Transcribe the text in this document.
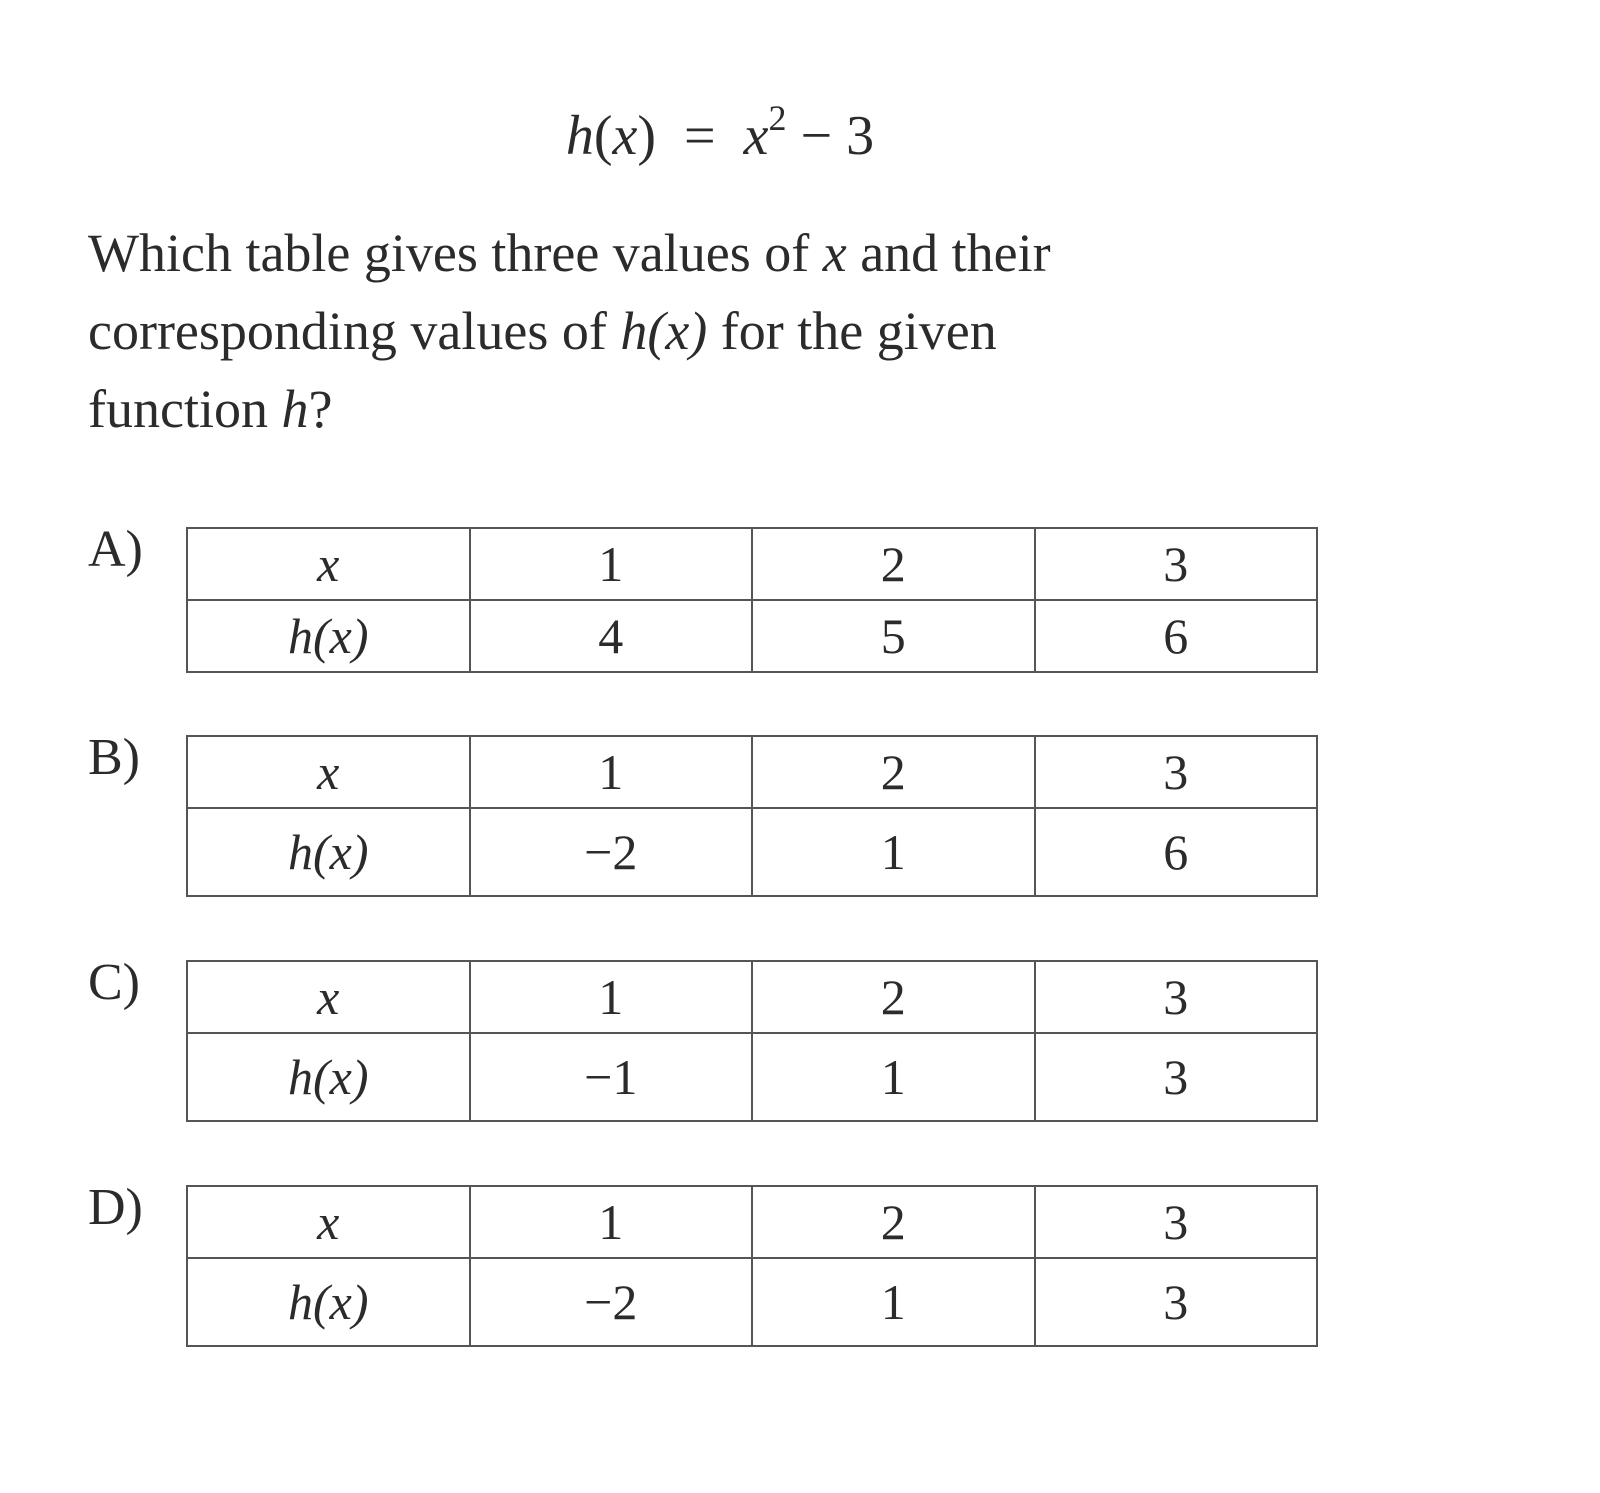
$h(x) = x^2 - 3$
Which table gives three values of x and their corresponding values of h(x) for the given function h?
A)	x	1	2	3
h(x)	4	5	6
B)	x	1	2	3
h(x)	−2	1	6
C)	x	1	2	3
h(x)	−1	1	3
D)	x	1	2	3
h(x)	−2	1	3
